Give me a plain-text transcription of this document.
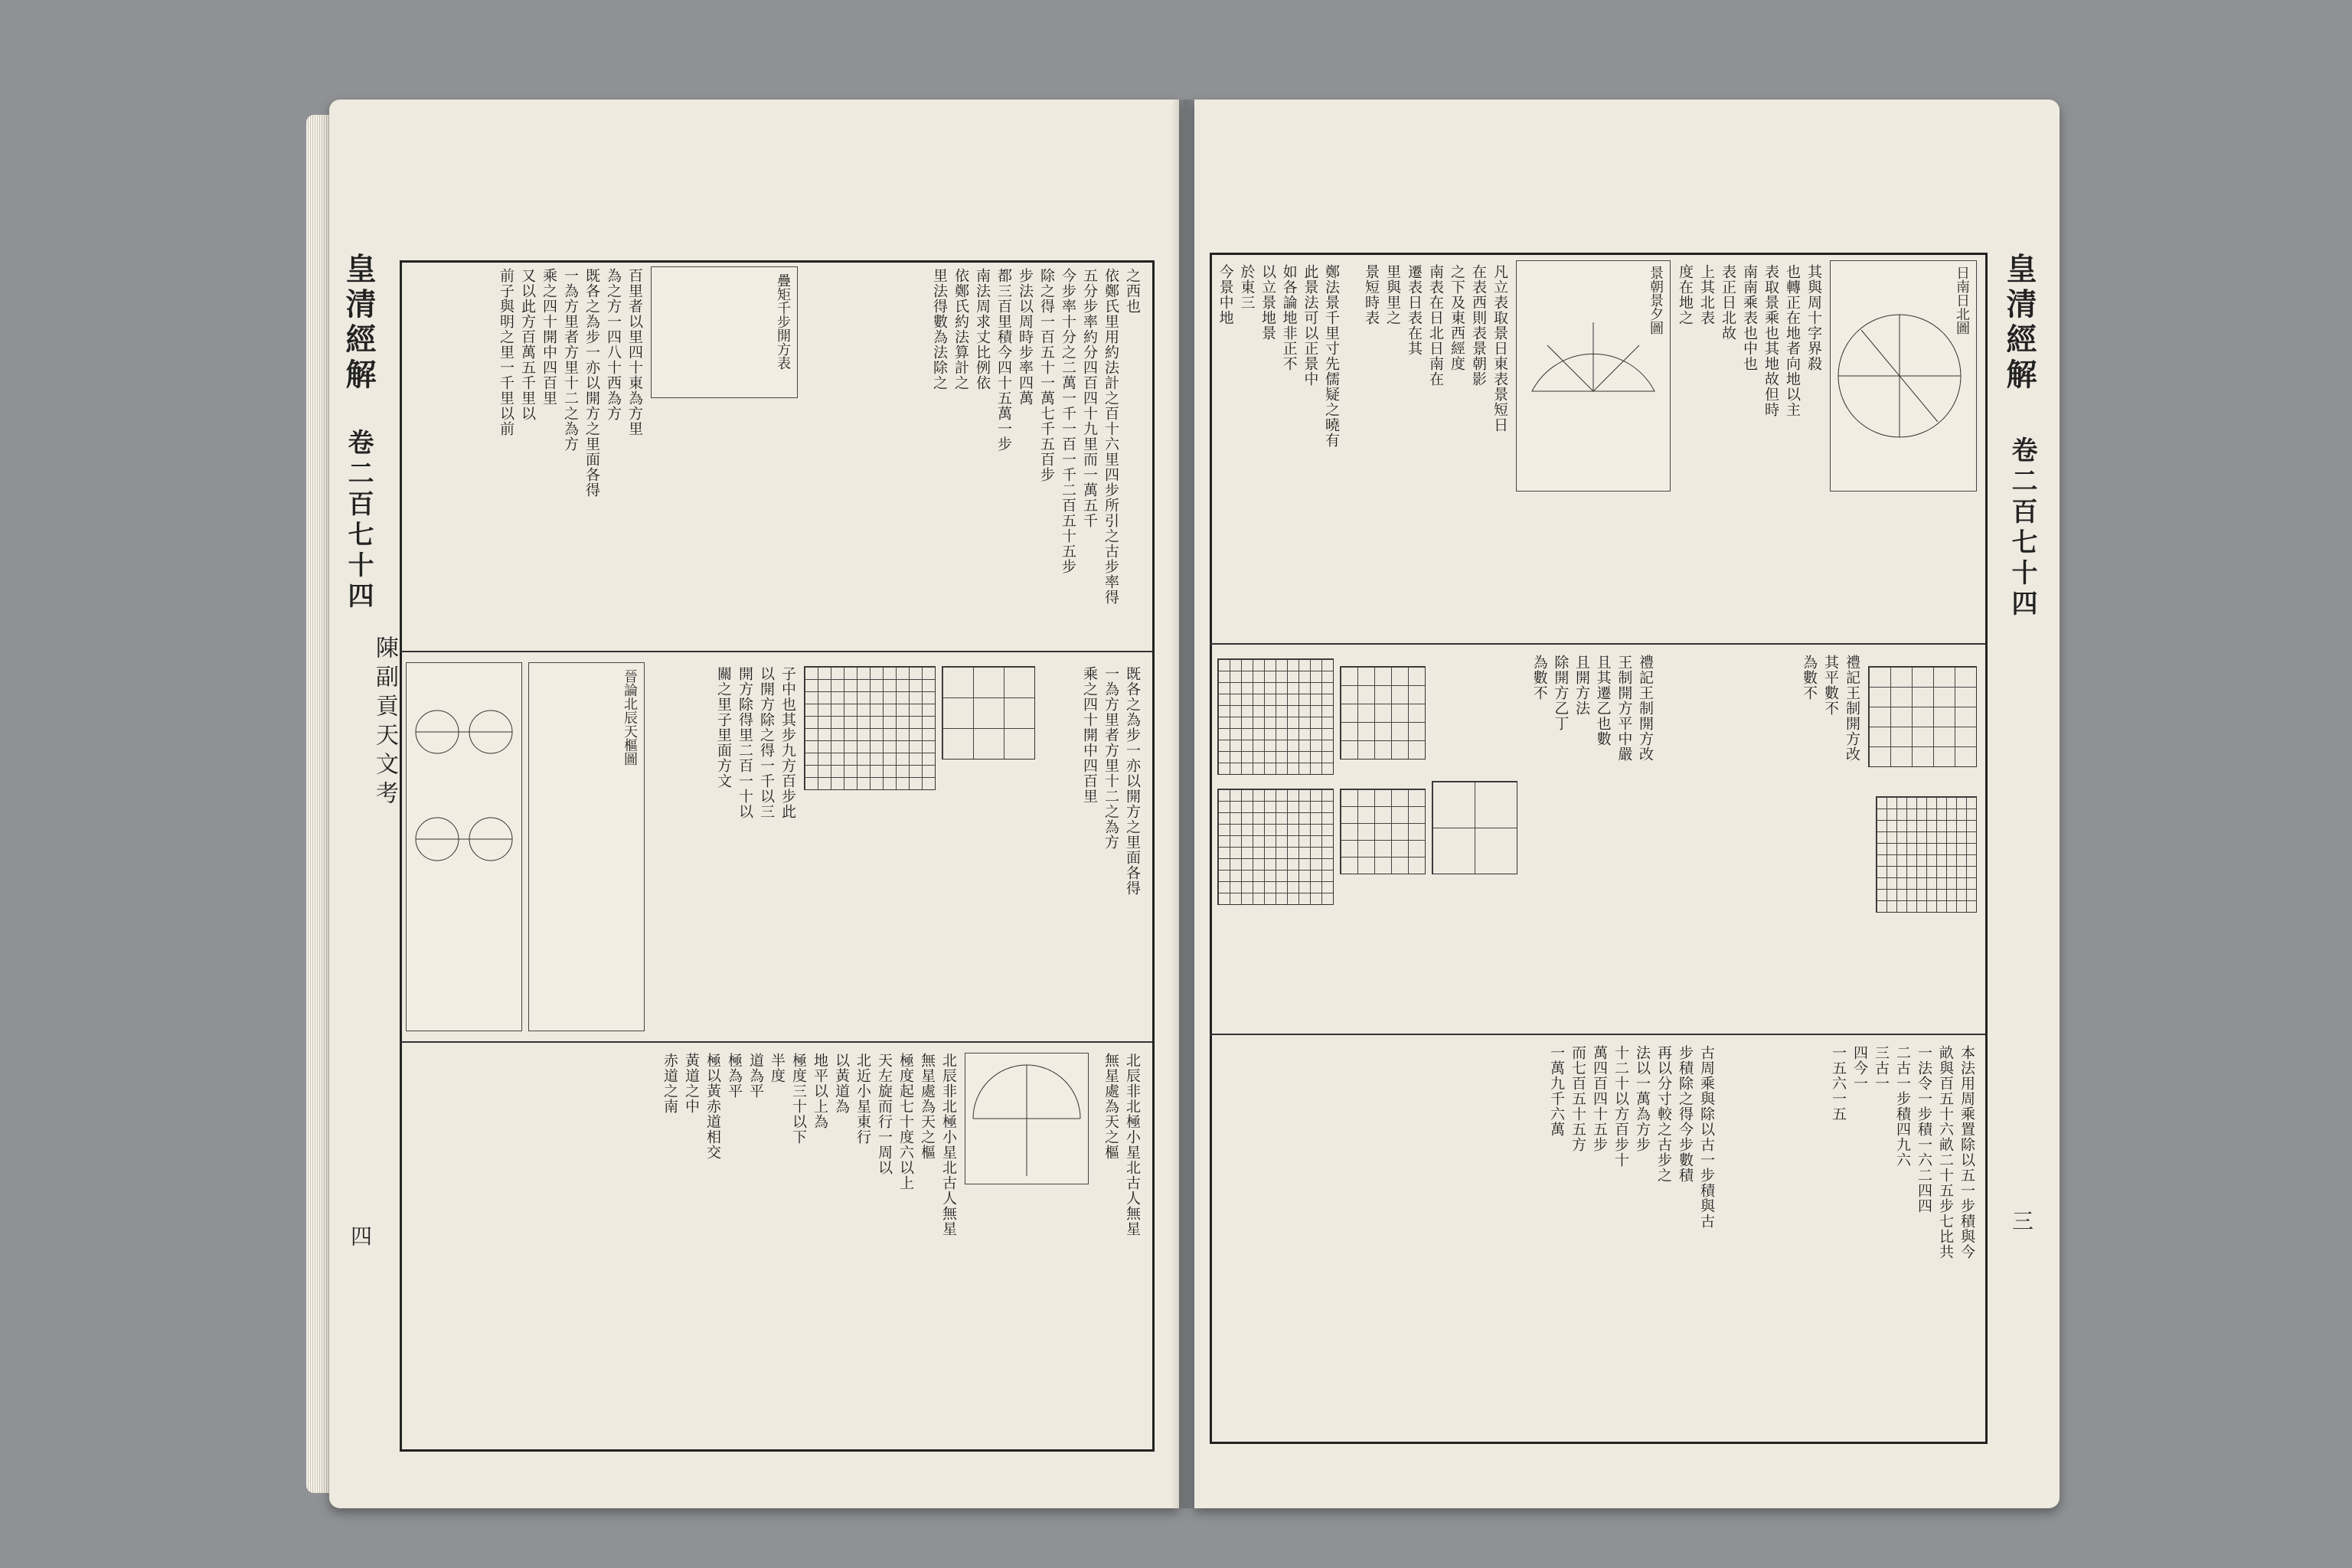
皇清經解
卷二百七十四
陳副貢天文考
四
疊矩千步開方表	之西也
依鄭氏里用約法計之百十六里四步所引之古步率得
五分步率約分四百四十九里而一萬五千
今步率十分之二萬一千一百一千二百五十五步
除之得一百五十一萬七千五百步
步法以周時步率四萬
都三百里積今四十五萬一步
南法周求丈比例依
依鄭氏約法算計之
里法得數為法除之
百里者以里四十東為方里
為之方一四八十西為方
既各之為步一亦以開方之里面各得
一為方里者方里十二之為方
乘之四十開中四百里
又以此方百萬五千里以
前子與明之里一千里以前
晉論北辰天樞圖	子中也其步九方百步此
以開方除之得一千以三
開方除得里二百一十以
關之里子里面方文	既各之為步一亦以開方之里面各得
一為方里者方里十二之為方
乘之四十開中四百里
北辰非北極小星北古人無星
無星處為天之樞
極度起七十度六以上
天左旋而行一周以
北近小星東行
以黃道為
地平以上為
極度三十以下
半度
道為平
極為平
極以黃赤道相交
黃道之中
赤道之南	北辰非北極小星北古人無星
無星處為天之樞
皇清經解
卷二百七十四
三
日南日北圖
景朝景夕圖	其與周十字界殺
也轉正在地者向地以主
表取景乘也其地故但時
南南乘表也中也
表正日北故
上其北表
度在地之
凡立表取景日東表景短日
在表西則表景朝影
之下及東西經度
南表在日北日南在
遷表日表在其
里與里之
景短時表
鄭法景千里寸先儒疑之曉有
此景法可以正景中
如各論地非正不
以立景地景
於東三
今景中地
禮記王制開方改
王制開方平中嚴
且其遷乙也數
且開方法
除開方乙丁
為數不	禮記王制開方改
其平數不
為數不
本法用周乘置除以五一步積與今
畝與百五十六畝二十五步七比共
一法令一步積一六二四四
二古一步積四九六
三古一
四今一
一五六一五
古周乘與除以古一步積與古
步積除之得今步數積
再以分寸較之古步之
法以一萬為方步
十二十以方百步十
萬四百四十五步
而七百五十五方
一萬九千六萬
